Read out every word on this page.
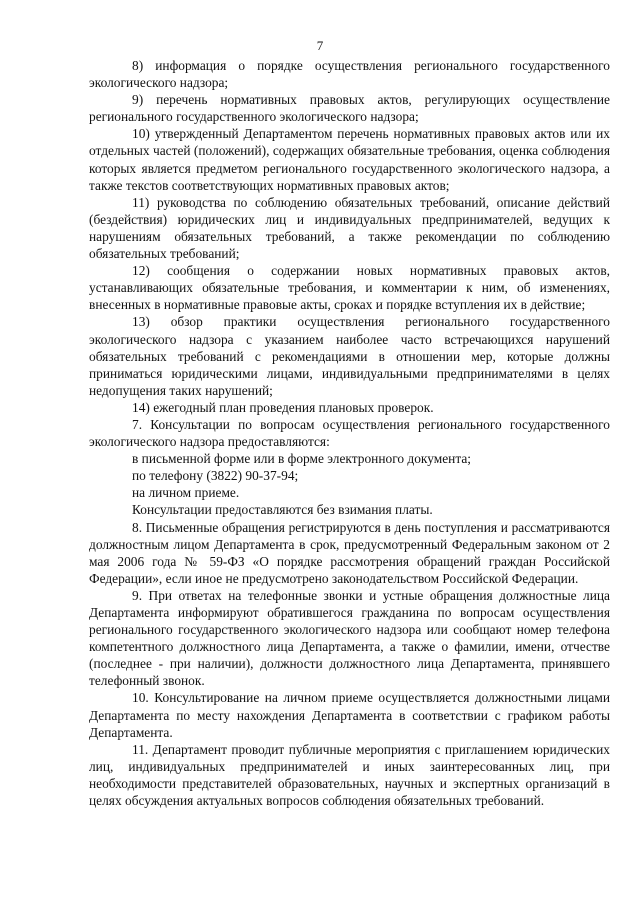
7

8) информация о порядке осуществления регионального государственного экологического надзора;

9) перечень нормативных правовых актов, регулирующих осуществление регионального государственного экологического надзора;

10) утвержденный Департаментом перечень нормативных правовых актов или их отдельных частей (положений), содержащих обязательные требования, оценка соблюдения которых является предметом регионального государственного экологического надзора, а также текстов соответствующих нормативных правовых актов;

11) руководства по соблюдению обязательных требований, описание действий (бездействия) юридических лиц и индивидуальных предпринимателей, ведущих к нарушениям обязательных требований, а также рекомендации по соблюдению обязательных требований;

12) сообщения о содержании новых нормативных правовых актов, устанавливающих обязательные требования, и комментарии к ним, об изменениях, внесенных в нормативные правовые акты, сроках и порядке вступления их в действие;

13) обзор практики осуществления регионального государственного экологического надзора с указанием наиболее часто встречающихся нарушений обязательных требований с рекомендациями в отношении мер, которые должны приниматься юридическими лицами, индивидуальными предпринимателями в целях недопущения таких нарушений;

14) ежегодный план проведения плановых проверок.

7. Консультации по вопросам осуществления регионального государственного экологического надзора предоставляются:

в письменной форме или в форме электронного документа;

по телефону (3822) 90-37-94;

на личном приеме.

Консультации предоставляются без взимания платы.

8. Письменные обращения регистрируются в день поступления и рассматриваются должностным лицом Департамента в срок, предусмотренный Федеральным законом от 2 мая 2006 года № 59-ФЗ «О порядке рассмотрения обращений граждан Российской Федерации», если иное не предусмотрено законодательством Российской Федерации.

9. При ответах на телефонные звонки и устные обращения должностные лица Департамента информируют обратившегося гражданина по вопросам осуществления регионального государственного экологического надзора или сообщают номер телефона компетентного должностного лица Департамента, а также о фамилии, имени, отчестве (последнее - при наличии), должности должностного лица Департамента, принявшего телефонный звонок.

10. Консультирование на личном приеме осуществляется должностными лицами Департамента по месту нахождения Департамента в соответствии с графиком работы Департамента.

11. Департамент проводит публичные мероприятия с приглашением юридических лиц, индивидуальных предпринимателей и иных заинтересованных лиц, при необходимости представителей образовательных, научных и экспертных организаций в целях обсуждения актуальных вопросов соблюдения обязательных требований.
